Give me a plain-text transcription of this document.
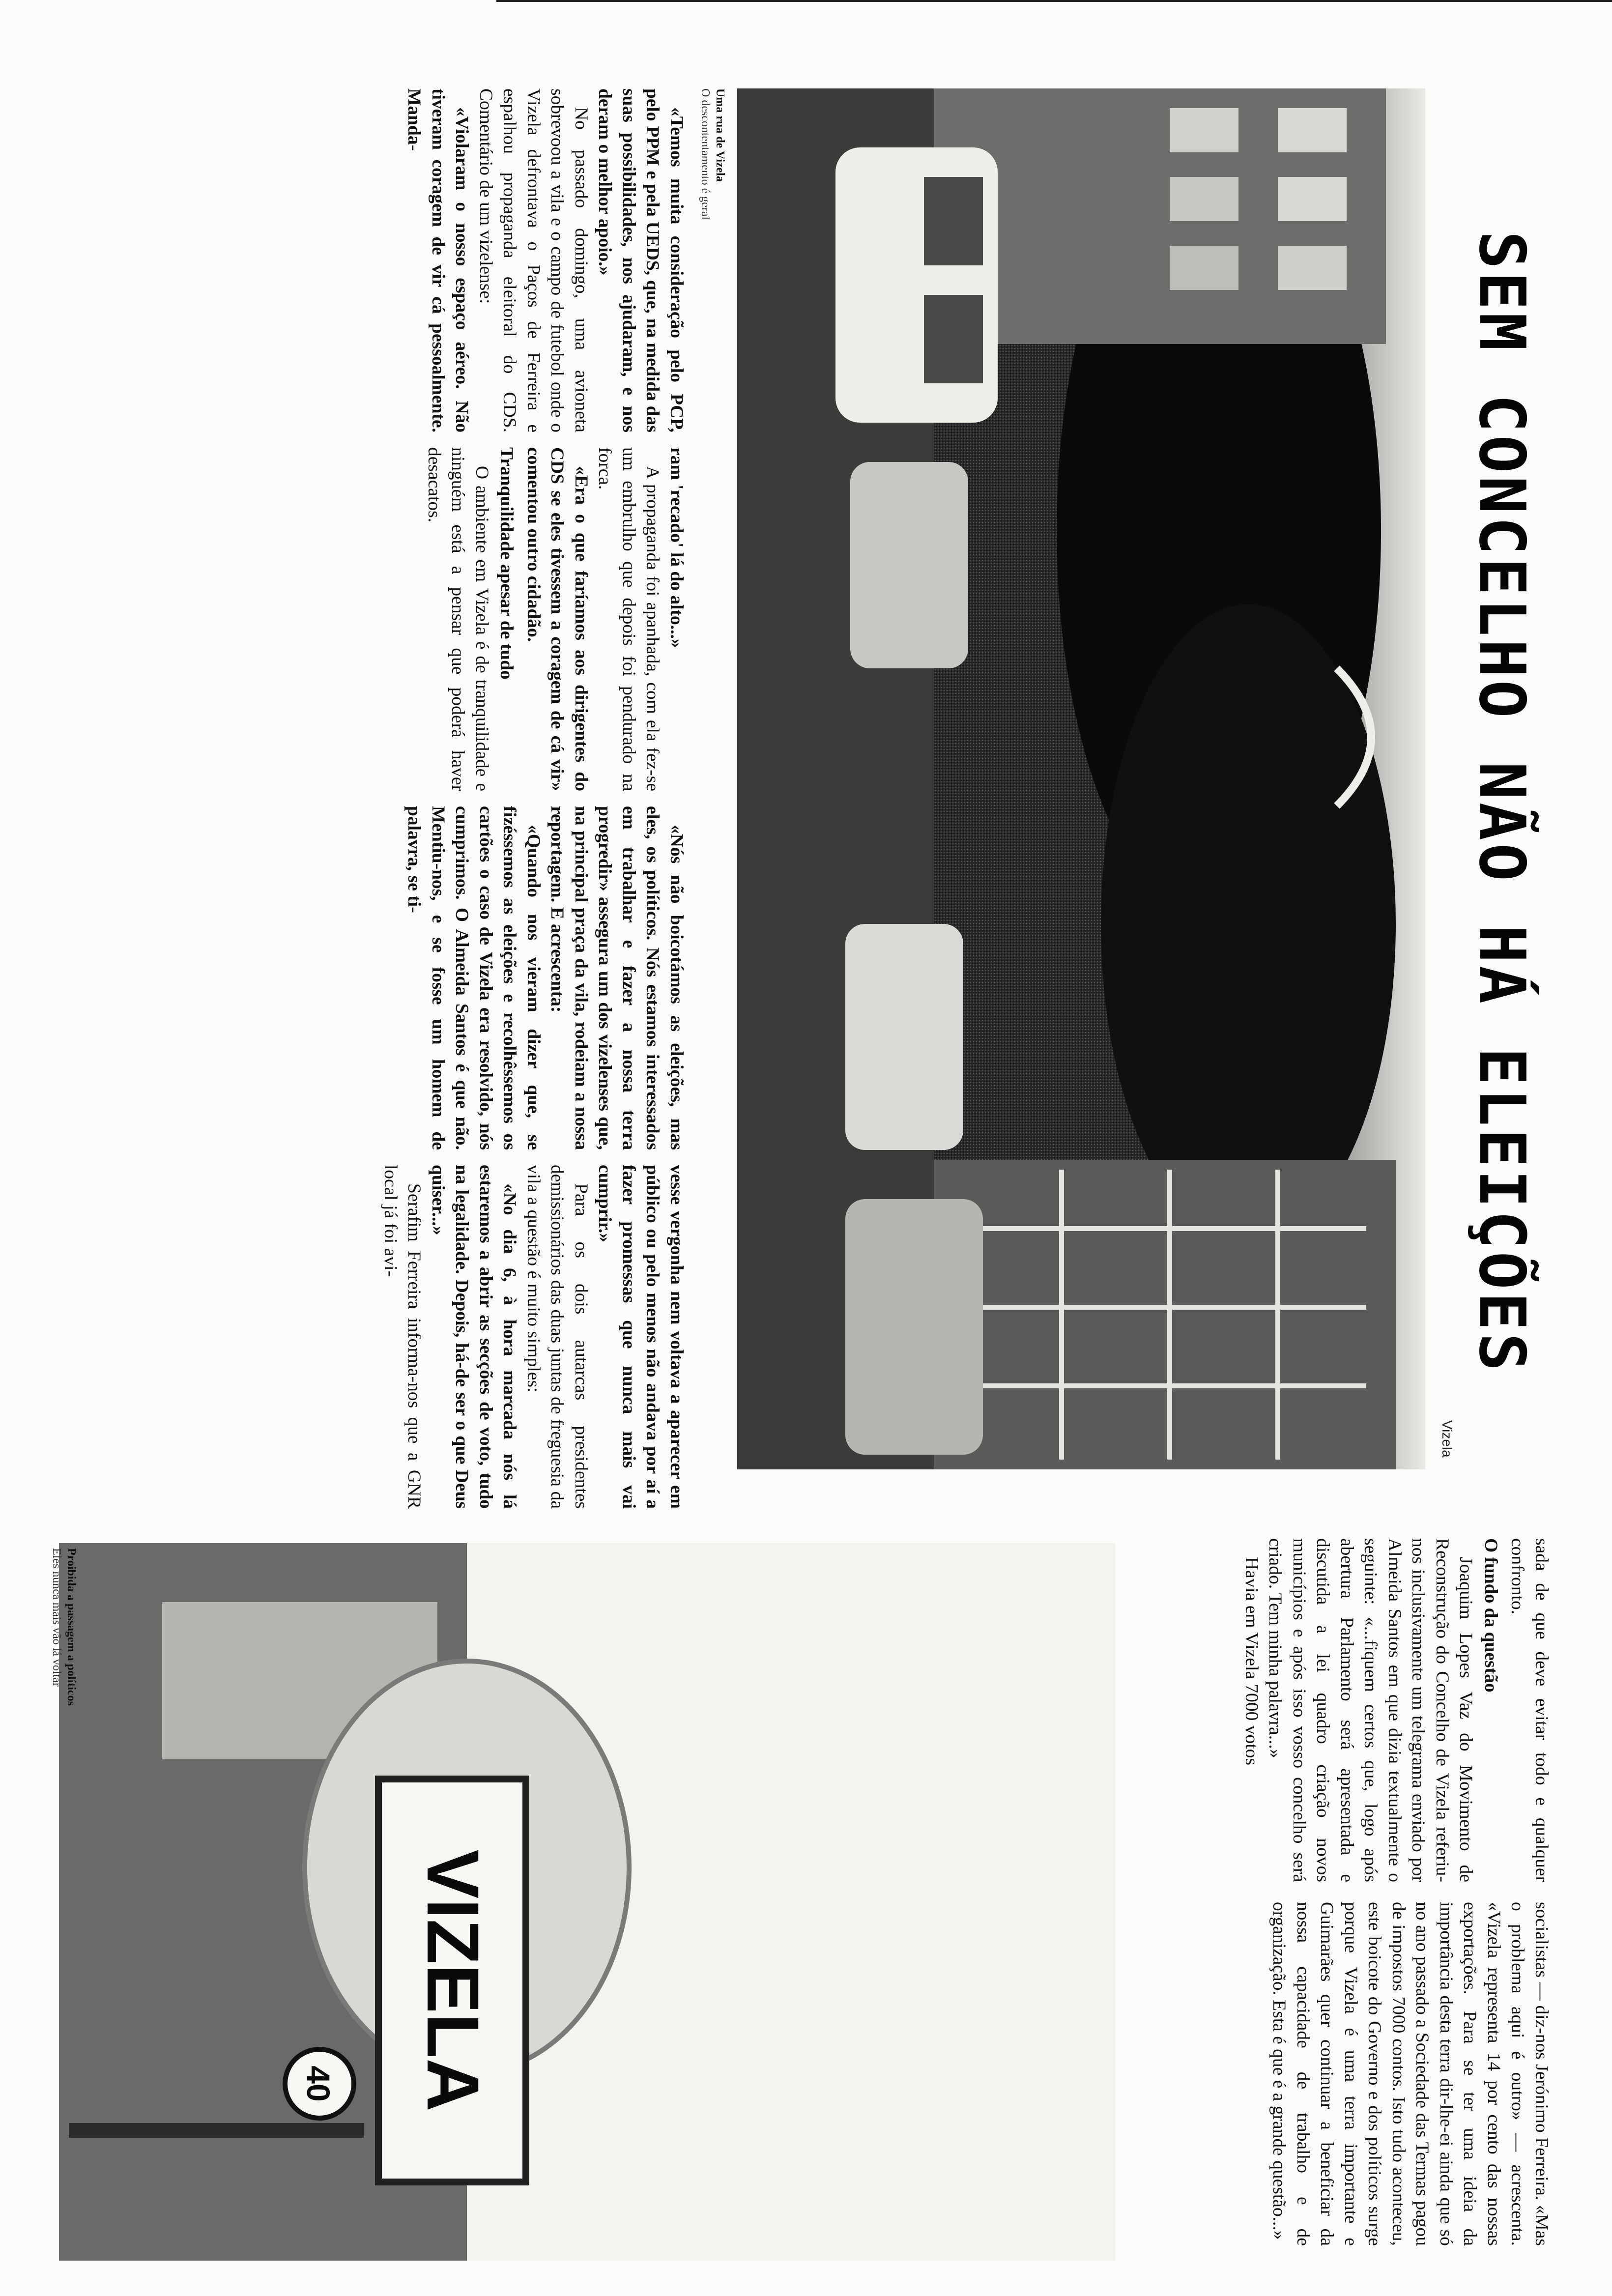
SEM CONCELHO NÃO HÁ ELEIÇÕES
Vizela
Uma rua de Vizela
O descontentamento é geral

«Temos muita consideração pelo PCP, pelo PPM e pela UEDS, que, na medida das suas possibilidades, nos ajudaram, e nos deram o melhor apoio.»

No passado domingo, uma avioneta sobrevoou a vila e o campo de futebol onde o Vizela defrontava o Paços de Ferreira e espalhou propaganda eleitoral do CDS. Comentário de um vizelense:

«Violaram o nosso espaço aéreo. Não tiveram coragem de vir cá pessoalmente. Manda-

ram 'recado' lá do alto...»

A propaganda foi apanhada, com ela fez-se um embrulho que depois foi pendurado na forca.

«Era o que faríamos aos dirigentes do CDS se eles tivessem a coragem de cá vir» comentou outro cidadão.

Tranquilidade apesar de tudo

O ambiente em Vizela é de tranquilidade e ninguém está a pensar que poderá haver desacatos.

«Nós não boicotámos as eleições, mas eles, os políticos. Nós estamos interessados em trabalhar e fazer a nossa terra progredir» assegura um dos vizelenses que, na principal praça da vila, rodeiam a nossa reportagem. E acrescenta:

«Quando nos vieram dizer que, se fizéssemos as eleições e recolhêssemos os cartões o caso de Vizela era resolvido, nós cumprimos. O Almeida Santos é que não. Mentiu-nos, e se fosse um homem de palavra, se ti-

vesse vergonha nem voltava a aparecer em público ou pelo menos não andava por aí a fazer promessas que nunca mais vai cumprir.»

Para os dois autarcas presidentes demissionários das duas juntas de freguesia da vila a questão é muito simples:

«No dia 6, à hora marcada nós lá estaremos a abrir as secções de voto, tudo na legalidade. Depois, há-de ser o que Deus quiser...»

Serafim Ferreira informa-nos que a GNR local já foi avi-

sada de que deve evitar todo e qualquer confronto.

O fundo da questão

Joaquim Lopes Vaz do Movimento de Reconstrução do Concelho de Vizela referiu-nos inclusivamente um telegrama enviado por Almeida Santos em que dizia textualmente o seguinte: «...fiquem certos que, logo após abertura Parlamento será apresentada e discutida a lei quadro criação novos municípios e após isso vosso concelho será criado. Tem minha palavra...»

Havia em Vizela 7000 votos

socialistas — diz-nos Jerónimo Ferreira. «Mas o problema aqui é outro» — acrescenta. «Vizela representa 14 por cento das nossas exportações. Para se ter uma ideia da importância desta terra dir-lhe-ei ainda que só no ano passado a Sociedade das Termas pagou de impostos 7000 contos. Isto tudo aconteceu, este boicote do Governo e dos políticos surge porque Vizela é uma terra importante e Guimarães quer continuar a beneficiar da nossa capacidade de trabalho e de organização. Esta é que é a grande questão...»

VIZELA
40
Proibida a passagem a políticos
Eles nunca mais vão lá voltar
